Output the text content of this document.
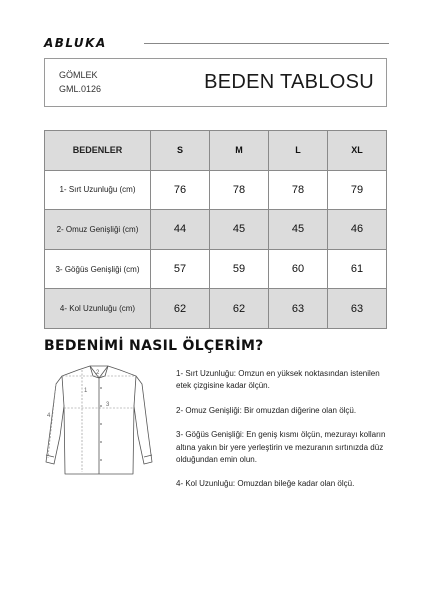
ABLUKA
GÖMLEK
GML.0126	BEDEN TABLOSU
BEDENLER	S	M	L	XL
1- Sırt Uzunluğu (cm)	76	78	78	79
2- Omuz Genişliği (cm)	44	45	45	46
3- Göğüs Genişliği (cm)	57	59	60	61
4- Kol Uzunluğu (cm)	62	62	63	63
BEDENİMİ NASIL ÖLÇERİM?
1
2
3
4

1- Sırt Uzunluğu: Omzun en yüksek noktasından istenilen etek çizgisine kadar ölçün.

2- Omuz Genişliği: Bir omuzdan diğerine olan ölçü.

3- Göğüs Genişliği: En geniş kısmı ölçün, mezurayı kolların altına yakın bir yere yerleştirin ve mezuranın sırtınızda düz olduğundan emin olun.

4- Kol Uzunluğu: Omuzdan bileğe kadar olan ölçü.
